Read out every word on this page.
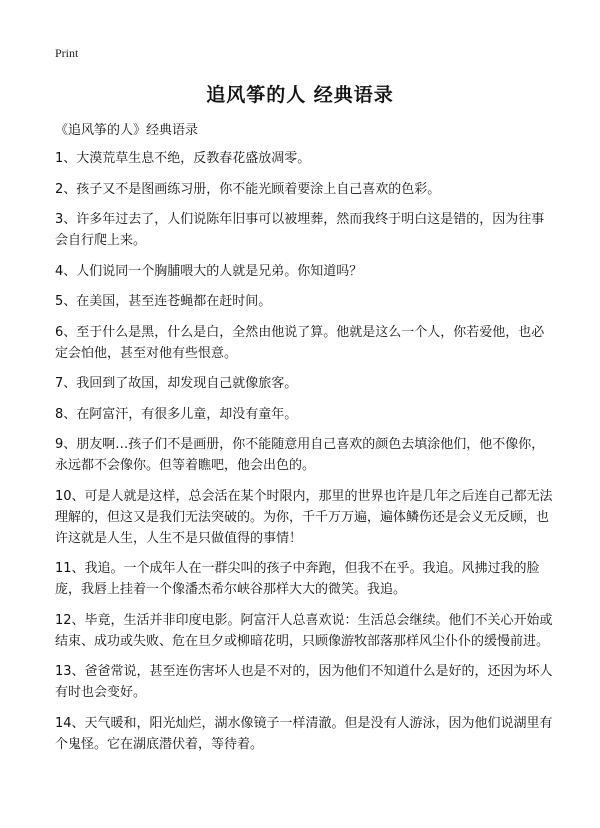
Print
追风筝的人 经典语录

《追风筝的人》经典语录

1、大漠荒草生息不绝，反教春花盛放凋零。
2、孩子又不是图画练习册，你不能光顾着要涂上自己喜欢的色彩。
3、许多年过去了，人们说陈年旧事可以被埋葬，然而我终于明白这是错的，因为往事会自行爬上来。
4、人们说同一个胸脯喂大的人就是兄弟。你知道吗？
5、在美国，甚至连苍蝇都在赶时间。
6、至于什么是黑，什么是白，全然由他说了算。他就是这么一个人，你若爱他，也必定会怕他，甚至对他有些恨意。
7、我回到了故国，却发现自己就像旅客。
8、在阿富汗，有很多儿童，却没有童年。
9、朋友啊…孩子们不是画册，你不能随意用自己喜欢的颜色去填涂他们，他不像你，永远都不会像你。但等着瞧吧，他会出色的。
10、可是人就是这样，总会活在某个时限内，那里的世界也许是几年之后连自己都无法理解的，但这又是我们无法突破的。为你，千千万万遍，遍体鳞伤还是会义无反顾，也许这就是人生，人生不是只做值得的事情！
11、我追。一个成年人在一群尖叫的孩子中奔跑，但我不在乎。我追。风拂过我的脸庞，我唇上挂着一个像潘杰希尔峡谷那样大大的微笑。我追。
12、毕竟，生活并非印度电影。阿富汗人总喜欢说：生活总会继续。他们不关心开始或结束、成功或失败、危在旦夕或柳暗花明，只顾像游牧部落那样风尘仆仆的缓慢前进。
13、爸爸常说，甚至连伤害坏人也是不对的，因为他们不知道什么是好的，还因为坏人有时也会变好。
14、天气暖和，阳光灿烂，湖水像镜子一样清澈。但是没有人游泳，因为他们说湖里有个鬼怪。它在湖底潜伏着，等待着。
